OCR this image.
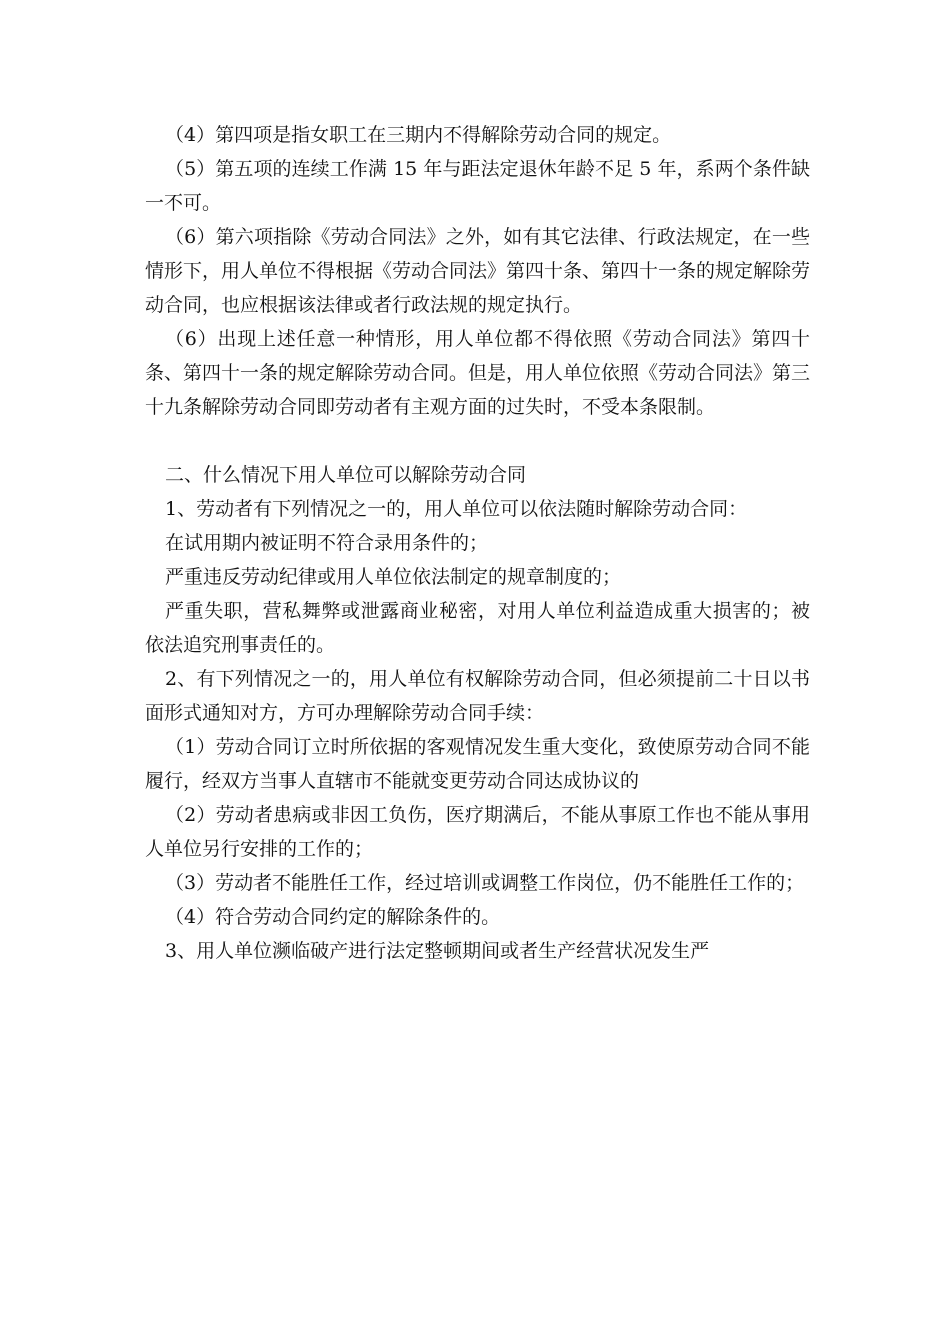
（4）第四项是指女职工在三期内不得解除劳动合同的规定。

（5）第五项的连续工作满 15 年与距法定退休年龄不足 5 年，系两个条件缺一不可。

（6）第六项指除《劳动合同法》之外，如有其它法律、行政法规定，在一些情形下，用人单位不得根据《劳动合同法》第四十条、第四十一条的规定解除劳动合同，也应根据该法律或者行政法规的规定执行。

（6）出现上述任意一种情形，用人单位都不得依照《劳动合同法》第四十条、第四十一条的规定解除劳动合同。但是，用人单位依照《劳动合同法》第三十九条解除劳动合同即劳动者有主观方面的过失时，不受本条限制。

二、什么情况下用人单位可以解除劳动合同

1、劳动者有下列情况之一的，用人单位可以依法随时解除劳动合同：

在试用期内被证明不符合录用条件的；

严重违反劳动纪律或用人单位依法制定的规章制度的；

严重失职，营私舞弊或泄露商业秘密，对用人单位利益造成重大损害的；被依法追究刑事责任的。

2、有下列情况之一的，用人单位有权解除劳动合同，但必须提前二十日以书面形式通知对方，方可办理解除劳动合同手续：

（1）劳动合同订立时所依据的客观情况发生重大变化，致使原劳动合同不能履行，经双方当事人直辖市不能就变更劳动合同达成协议的

（2）劳动者患病或非因工负伤，医疗期满后，不能从事原工作也不能从事用人单位另行安排的工作的；

（3）劳动者不能胜任工作，经过培训或调整工作岗位，仍不能胜任工作的；

（4）符合劳动合同约定的解除条件的。

3、用人单位濒临破产进行法定整顿期间或者生产经营状况发生严
